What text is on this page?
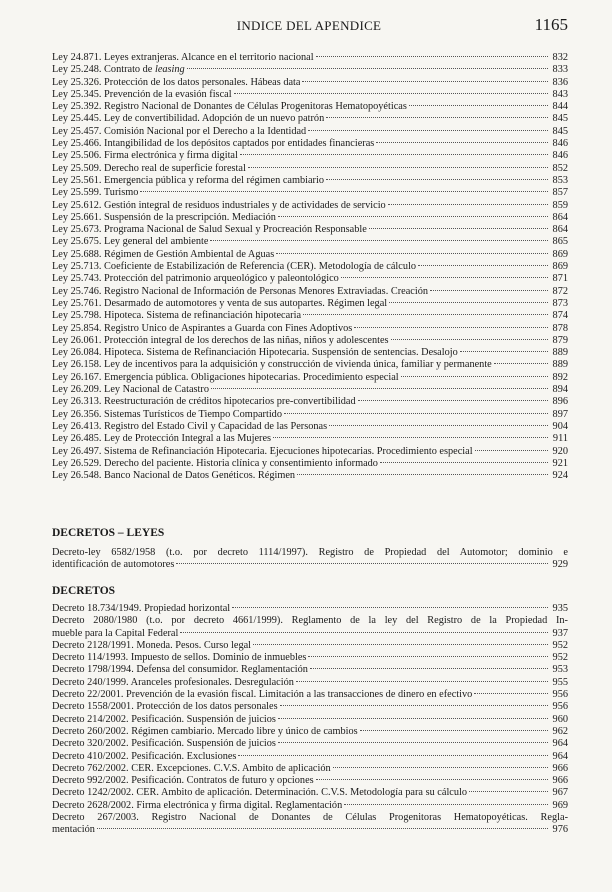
INDICE DEL APENDICE	1165
Ley 24.871. Leyes extranjeras. Alcance en el territorio nacional	832
Ley 25.248. Contrato de leasing	833
Ley 25.326. Protección de los datos personales. Hábeas data	836
Ley 25.345. Prevención de la evasión fiscal	843
Ley 25.392. Registro Nacional de Donantes de Células Progenitoras Hematopoyéticas	844
Ley 25.445. Ley de convertibilidad. Adopción de un nuevo patrón	845
Ley 25.457. Comisión Nacional por el Derecho a la Identidad	845
Ley 25.466. Intangibilidad de los depósitos captados por entidades financieras	846
Ley 25.506. Firma electrónica y firma digital	846
Ley 25.509. Derecho real de superficie forestal	852
Ley 25.561. Emergencia pública y reforma del régimen cambiario	853
Ley 25.599. Turismo	857
Ley 25.612. Gestión integral de residuos industriales y de actividades de servicio	859
Ley 25.661. Suspensión de la prescripción. Mediación	864
Ley 25.673. Programa Nacional de Salud Sexual y Procreación Responsable	864
Ley 25.675. Ley general del ambiente	865
Ley 25.688. Régimen de Gestión Ambiental de Aguas	869
Ley 25.713. Coeficiente de Estabilización de Referencia (CER). Metodología de cálculo	869
Ley 25.743. Protección del patrimonio arqueológico y paleontológico	871
Ley 25.746. Registro Nacional de Información de Personas Menores Extraviadas. Creación	872
Ley 25.761. Desarmado de automotores y venta de sus autopartes. Régimen legal	873
Ley 25.798. Hipoteca. Sistema de refinanciación hipotecaria	874
Ley 25.854. Registro Unico de Aspirantes a Guarda con Fines Adoptivos	878
Ley 26.061. Protección integral de los derechos de las niñas, niños y adolescentes	879
Ley 26.084. Hipoteca. Sistema de Refinanciación Hipotecaria. Suspensión de sentencias. Desalojo	889
Ley 26.158. Ley de incentivos para la adquisición y construcción de vivienda única, familiar y permanente	889
Ley 26.167. Emergencia pública. Obligaciones hipotecarias. Procedimiento especial	892
Ley 26.209. Ley Nacional de Catastro	894
Ley 26.313. Reestructuración de créditos hipotecarios pre-convertibilidad	896
Ley 26.356. Sistemas Turísticos de Tiempo Compartido	897
Ley 26.413. Registro del Estado Civil y Capacidad de las Personas	904
Ley 26.485. Ley de Protección Integral a las Mujeres	911
Ley 26.497. Sistema de Refinanciación Hipotecaria. Ejecuciones hipotecarias. Procedimiento especial	920
Ley 26.529. Derecho del paciente. Historia clínica y consentimiento informado	921
Ley 26.548. Banco Nacional de Datos Genéticos. Régimen	924
DECRETOS – LEYES
Decreto-ley 6582/1958 (t.o. por decreto 1114/1997). Registro de Propiedad del Automotor; dominio e
identificación de automotores	929
DECRETOS
Decreto 18.734/1949. Propiedad horizontal	935
Decreto 2080/1980 (t.o. por decreto 4661/1999). Reglamento de la ley del Registro de la Propiedad In-
mueble para la Capital Federal	937
Decreto 2128/1991. Moneda. Pesos. Curso legal	952
Decreto 114/1993. Impuesto de sellos. Dominio de inmuebles	952
Decreto 1798/1994. Defensa del consumidor. Reglamentación	953
Decreto 240/1999. Aranceles profesionales. Desregulación	955
Decreto 22/2001. Prevención de la evasión fiscal. Limitación a las transacciones de dinero en efectivo	956
Decreto 1558/2001. Protección de los datos personales	956
Decreto 214/2002. Pesificación. Suspensión de juicios	960
Decreto 260/2002. Régimen cambiario. Mercado libre y único de cambios	962
Decreto 320/2002. Pesificación. Suspensión de juicios	964
Decreto 410/2002. Pesificación. Exclusiones	964
Decreto 762/2002. CER. Excepciones. C.V.S. Ambito de aplicación	966
Decreto 992/2002. Pesificación. Contratos de futuro y opciones	966
Decreto 1242/2002. CER. Ambito de aplicación. Determinación. C.V.S. Metodología para su cálculo	967
Decreto 2628/2002. Firma electrónica y firma digital. Reglamentación	969
Decreto 267/2003. Registro Nacional de Donantes de Células Progenitoras Hematopoyéticas. Regla-
mentación	976
